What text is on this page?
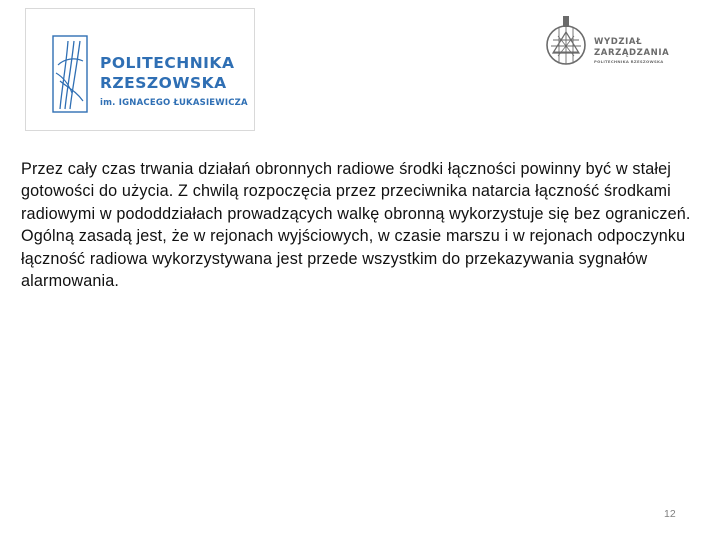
POLITECHNIKA
RZESZOWSKA
im. IGNACEGO ŁUKASIEWICZA
WYDZIAŁ
ZARZĄDZANIA
POLITECHNIKA RZESZOWSKA

Przez cały czas trwania działań obronnych radiowe środki łączności powinny być w stałej gotowości do użycia. Z chwilą rozpoczęcia przez przeciwnika natarcia łączność środkami radiowymi w pododdziałach prowadzących walkę obronną wykorzystuje się bez ograniczeń. Ogólną zasadą jest, że w rejonach wyjściowych, w czasie marszu i w rejonach odpoczynku łączność radiowa wykorzystywana jest przede wszystkim do przekazywania sygnałów alarmowania.

12
